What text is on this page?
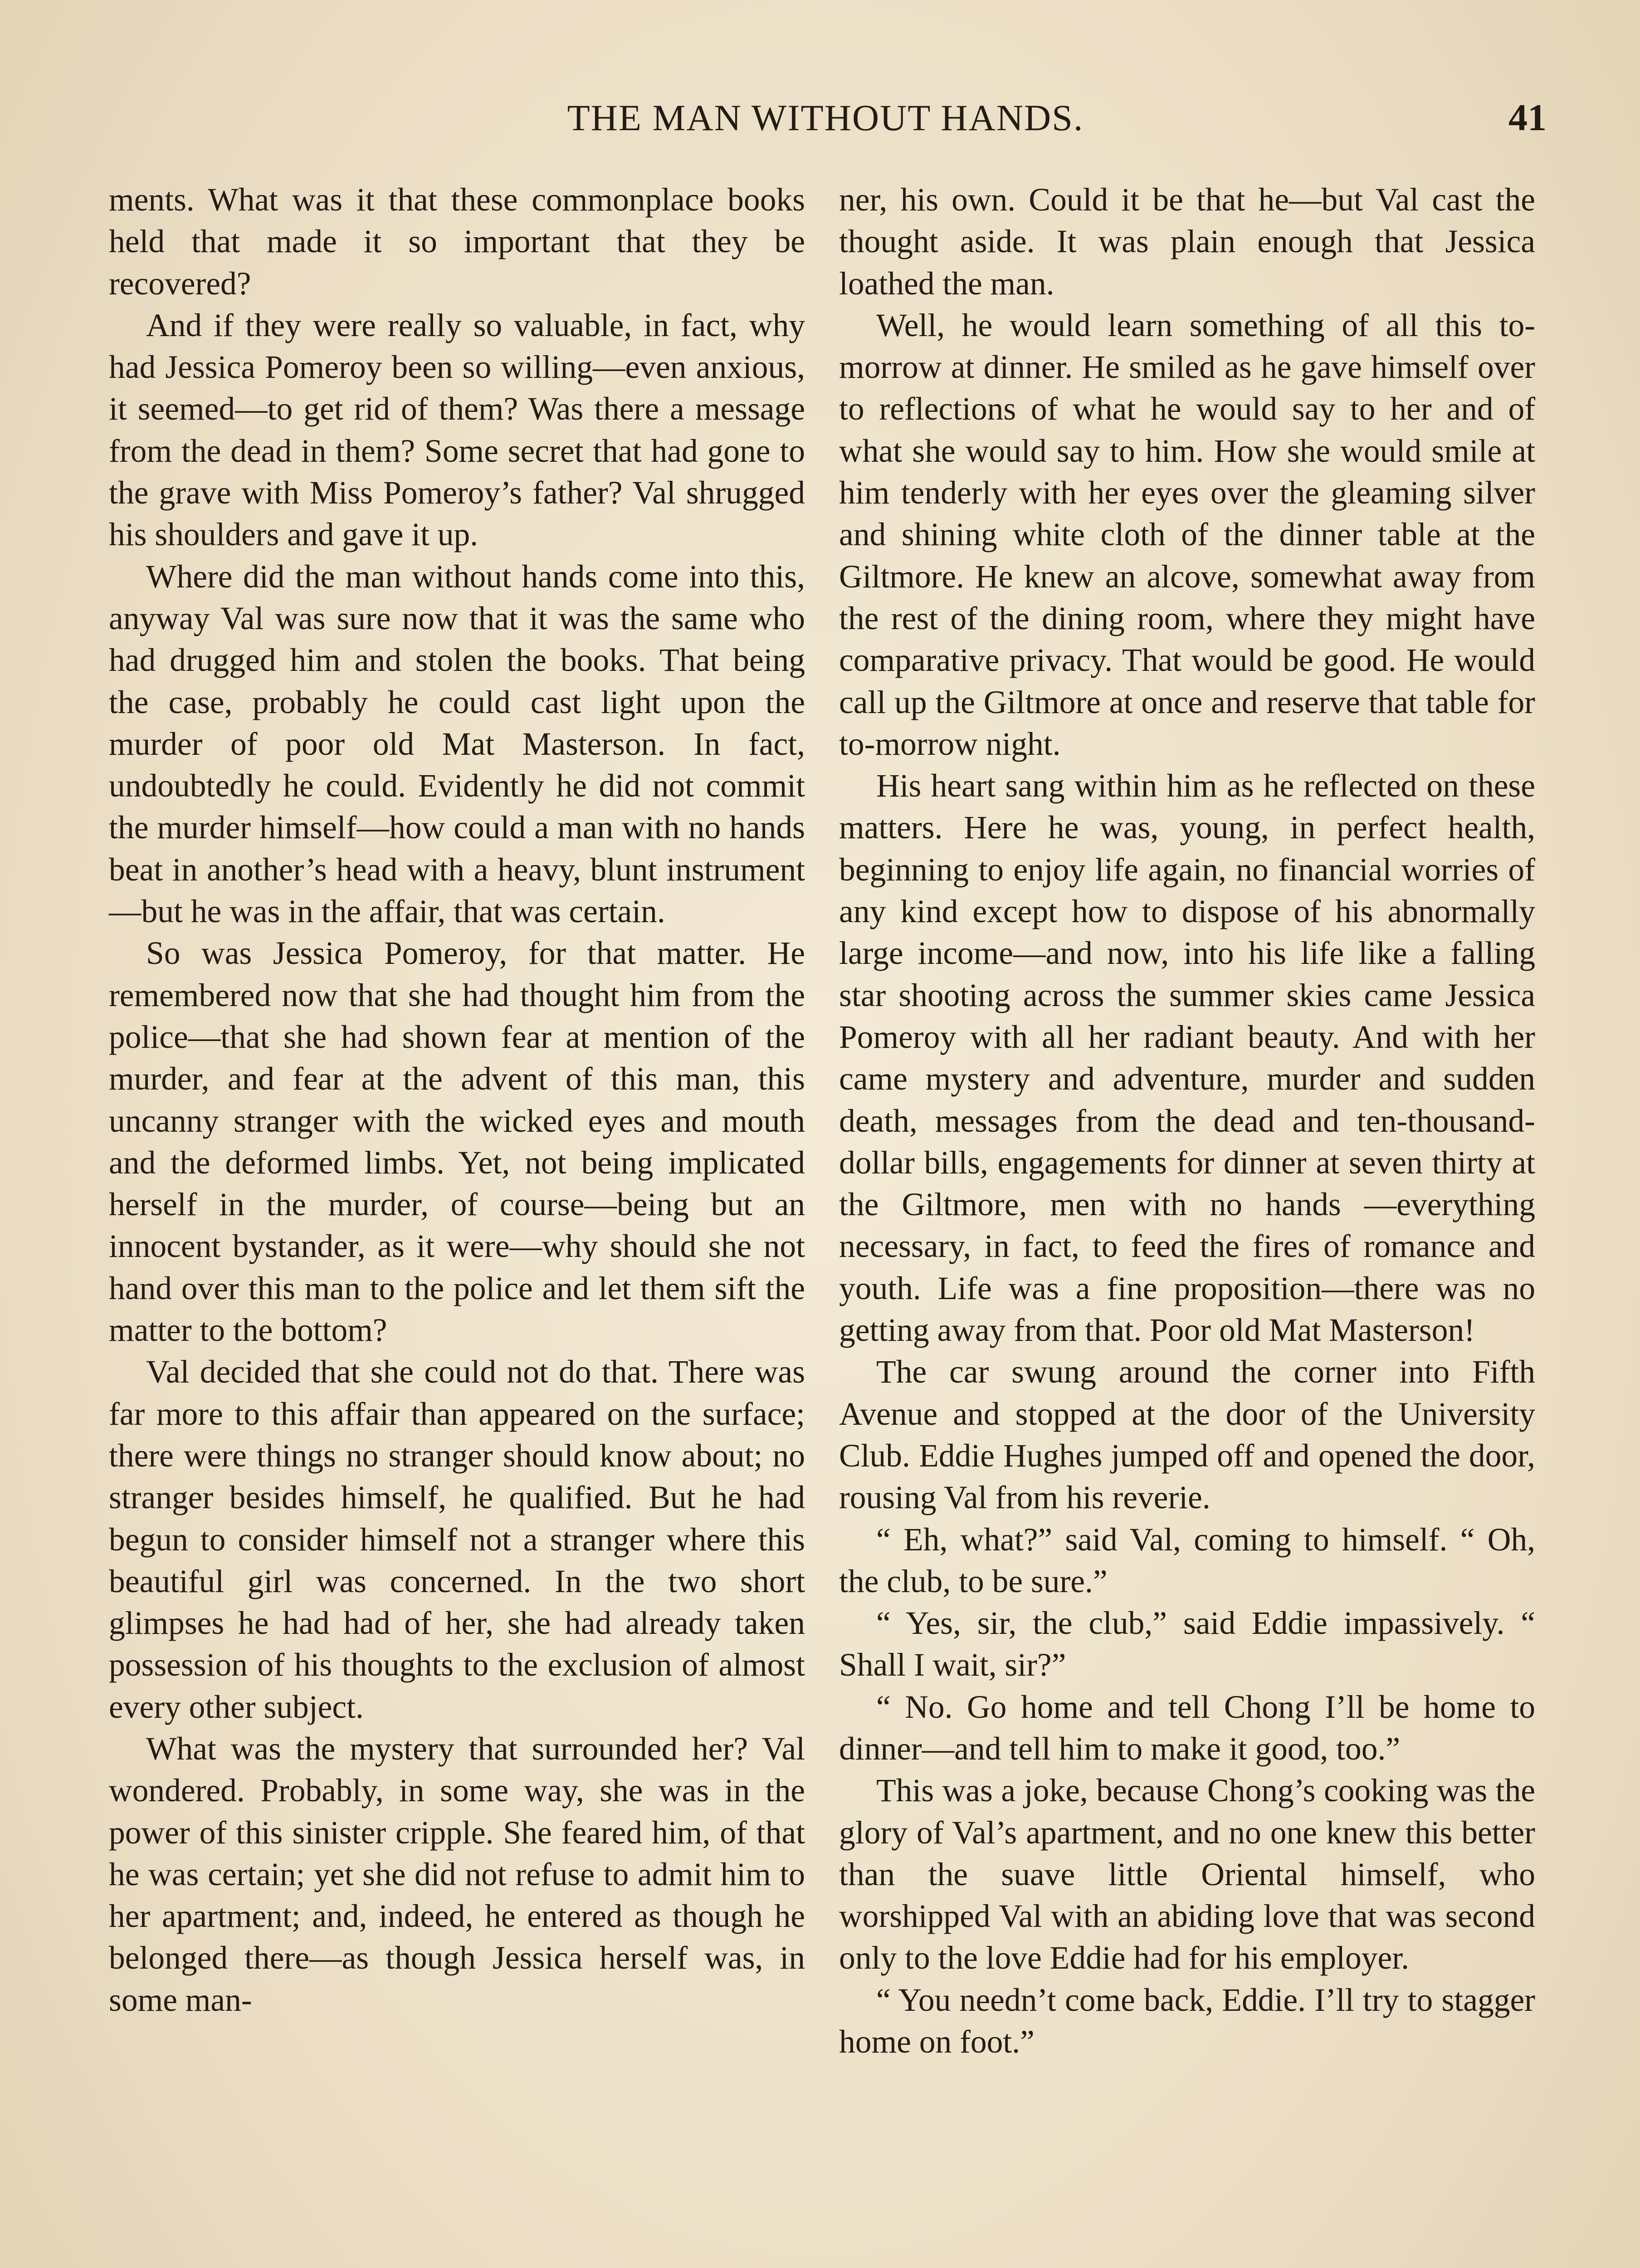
THE MAN WITHOUT HANDS.	41

ments. What was it that these commonplace books held that made it so important that they be recovered?

And if they were really so valuable, in fact, why had Jessica Pomeroy been so willing—even anxious, it seemed—to get rid of them? Was there a message from the dead in them? Some secret that had gone to the grave with Miss Pomeroy’s father? Val shrugged his shoulders and gave it up.

Where did the man without hands come into this, anyway Val was sure now that it was the same who had drugged him and stolen the books. That being the case, probably he could cast light upon the murder of poor old Mat Masterson. In fact, undoubtedly he could. Evidently he did not commit the murder himself—how could a man with no hands beat in another’s head with a heavy, blunt instrument—but he was in the affair, that was certain.

So was Jessica Pomeroy, for that matter. He remembered now that she had thought him from the police—that she had shown fear at mention of the murder, and fear at the advent of this man, this uncanny stranger with the wicked eyes and mouth and the deformed limbs. Yet, not being implicated herself in the murder, of course—being but an innocent bystander, as it were—why should she not hand over this man to the police and let them sift the matter to the bottom?

Val decided that she could not do that. There was far more to this affair than appeared on the surface; there were things no stranger should know about; no stranger besides himself, he qualified. But he had begun to consider himself not a stranger where this beautiful girl was concerned. In the two short glimpses he had had of her, she had already taken possession of his thoughts to the exclusion of almost every other subject.

What was the mystery that surrounded her? Val wondered. Probably, in some way, she was in the power of this sinister cripple. She feared him, of that he was certain; yet she did not refuse to admit him to her apartment; and, indeed, he entered as though he belonged there—as though Jessica herself was, in some man-

ner, his own. Could it be that he—but Val cast the thought aside. It was plain enough that Jessica loathed the man.

Well, he would learn something of all this to-morrow at dinner. He smiled as he gave himself over to reflections of what he would say to her and of what she would say to him. How she would smile at him tenderly with her eyes over the gleaming silver and shining white cloth of the dinner table at the Giltmore. He knew an alcove, somewhat away from the rest of the dining room, where they might have comparative privacy. That would be good. He would call up the Giltmore at once and reserve that table for to-morrow night.

His heart sang within him as he reflected on these matters. Here he was, young, in perfect health, beginning to enjoy life again, no financial worries of any kind except how to dispose of his abnormally large income—and now, into his life like a falling star shooting across the summer skies came Jessica Pomeroy with all her radiant beauty. And with her came mystery and adventure, murder and sudden death, messages from the dead and ten-thousand-dollar bills, engagements for dinner at seven thirty at the Giltmore, men with no hands —everything necessary, in fact, to feed the fires of romance and youth. Life was a fine proposition—there was no getting away from that. Poor old Mat Masterson!

The car swung around the corner into Fifth Avenue and stopped at the door of the University Club. Eddie Hughes jumped off and opened the door, rousing Val from his reverie.

“ Eh, what?” said Val, coming to himself. “ Oh, the club, to be sure.”

“ Yes, sir, the club,” said Eddie impassively. “ Shall I wait, sir?”

“ No. Go home and tell Chong I’ll be home to dinner—and tell him to make it good, too.”

This was a joke, because Chong’s cooking was the glory of Val’s apartment, and no one knew this better than the suave little Oriental himself, who worshipped Val with an abiding love that was second only to the love Eddie had for his employer.

“ You needn’t come back, Eddie. I’ll try to stagger home on foot.”
